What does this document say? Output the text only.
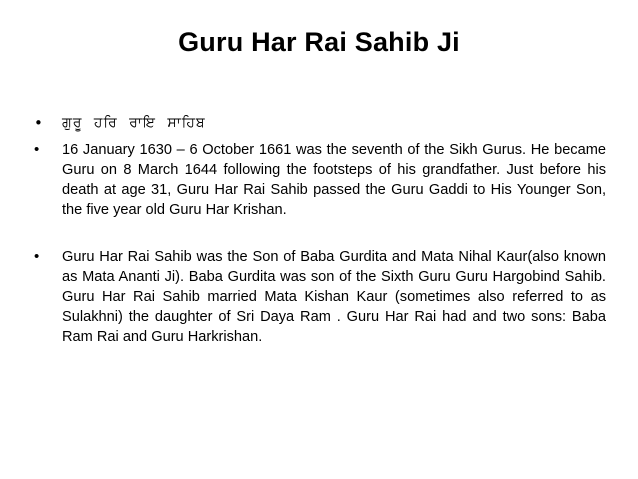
Guru Har Rai Sahib Ji
• ਗੁਰੂ ਹਰਿ ਰਾਇ ਸਾਹਿਬ
• 16 January 1630 – 6 October 1661 was the seventh of the Sikh Gurus. He became Guru on 8 March 1644 following the footsteps of his grandfather. Just before his death at age 31, Guru Har Rai Sahib passed the Guru Gaddi to His Younger Son, the five year old Guru Har Krishan.
• Guru Har Rai Sahib was the Son of Baba Gurdita and Mata Nihal Kaur(also known as Mata Ananti Ji). Baba Gurdita was son of the Sixth Guru Guru Hargobind Sahib. Guru Har Rai Sahib married Mata Kishan Kaur (sometimes also referred to as Sulakhni) the daughter of Sri Daya Ram . Guru Har Rai had and two sons: Baba Ram Rai and Guru Harkrishan.
